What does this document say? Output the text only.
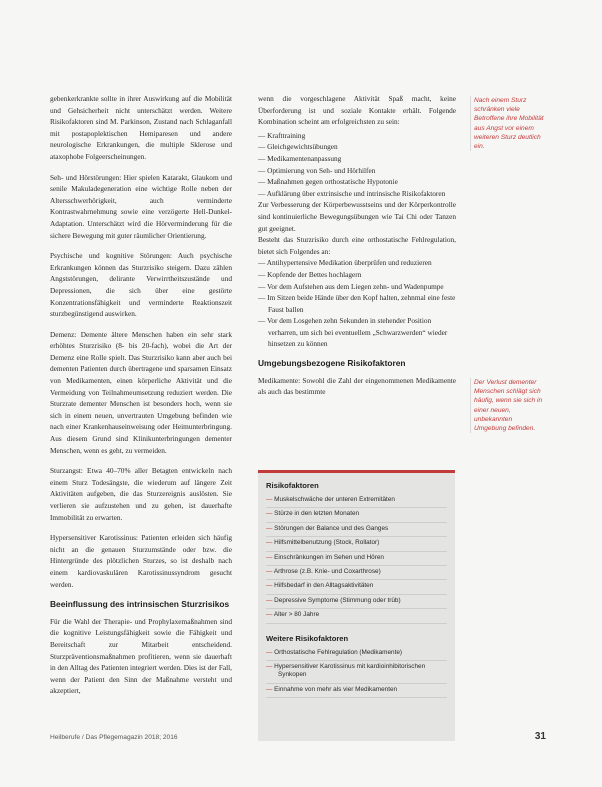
gebenkerkrankte sollte in ihrer Auswirkung auf die Mobilität und Gehsicherheit nicht unterschätzt werden. Weitere Risikofaktoren sind M. Parkinson, Zustand nach Schlaganfall mit postapoplektischen Hemiparesen und andere neurologische Erkrankungen, die multiple Sklerose und ataxophobe Folgeerscheinungen.

Seh- und Hörstörungen: Hier spielen Katarakt, Glaukom und senile Makuladegeneration eine wichtige Rolle neben der Altersschwerhörigkeit, auch verminderte Kontrastwahrnehmung sowie eine verzögerte Hell-Dunkel-Adaptation. Unterschätzt wird die Hörverminderung für die sichere Bewegung mit guter räumlicher Orientierung.

Psychische und kognitive Störungen: Auch psychische Erkrankungen können das Sturzrisiko steigern. Dazu zählen Angststörungen, delirante Verwirrtheitszustände und Depressionen, die sich über eine gestörte Konzentrationsfähigkeit und verminderte Reaktionszeit sturzbegünstigend auswirken.

Demenz: Demente ältere Menschen haben ein sehr stark erhöhtes Sturzrisiko (8- bis 20-fach), wobei die Art der Demenz eine Rolle spielt. Das Sturzrisiko kann aber auch bei dementen Patienten durch übertragene und sparsamen Einsatz von Medikamenten, einen körperliche Aktivität und die Vermeidung von Teilnahmeumsetzung reduziert werden. Die Sturzrate dementer Menschen ist besonders hoch, wenn sie sich in einem neuen, unvertrauten Umgebung befinden wie nach einer Krankenhauseinweisung oder Heimunterbringung. Aus diesem Grund sind Klinikunterbringungen dementer Menschen, wenn es geht, zu vermeiden.

Sturzangst: Etwa 40–70% aller Betagten entwickeln nach einem Sturz Todesängste, die wiederum auf längere Zeit Aktivitäten aufgeben, die das Sturzereignis auslösten. Sie verlieren sie aufzustehen und zu gehen, ist dauerhafte Immobilität zu erwarten.

Hypersensitiver Karotissinus: Patienten erleiden sich häufig nicht an die genauen Sturzumstände oder bzw. die Hintergründe des plötzlichen Sturzes, so ist deshalb nach einem kardiovaskulären Karotissinussyndrom gesucht werden.

Beeinflussung des intrinsischen Sturzrisikos

Für die Wahl der Therapie- und Prophylaxemaßnahmen sind die kognitive Leistungsfähigkeit sowie die Fähigkeit und Bereitschaft zur Mitarbeit entscheidend. Sturzpräventionsmaßnahmen profitieren, wenn sie dauerhaft in den Alltag des Patienten integriert werden. Dies ist der Fall, wenn der Patient den Sinn der Maßnahme versteht und akzeptiert,

wenn die vorgeschlagene Aktivität Spaß macht, keine Überforderung ist und soziale Kontakte erhält. Folgende Kombination scheint am erfolgreichsten zu sein:

— Krafttraining
— Gleichgewichtsübungen
— Medikamentenanpassung
— Optimierung von Seh- und Hörhilfen
— Maßnahmen gegen orthostatische Hypotonie
— Aufklärung über extrinsische und intrinsische Risikofaktoren

Zur Verbesserung der Körperbewusstseins und der Körperkontrolle sind kontinuierliche Bewegungsübungen wie Tai Chi oder Tanzen gut geeignet.

Besteht das Sturzrisiko durch eine orthostatische Fehlregulation, bietet sich Folgendes an:

— Antihypertensive Medikation überprüfen und reduzieren
— Kopfende der Bettes hochlagern
— Vor dem Aufstehen aus dem Liegen zehn- und Wadenpumpe
— Im Sitzen beide Hände über den Kopf halten, zehnmal eine feste Faust ballen
— Vor dem Losgehen zehn Sekunden in stehender Position verharren, um sich bei eventuellem „Schwarzwerden“ wieder hinsetzen zu können
Umgebungsbezogene Risikofaktoren

Medikamente: Sowohl die Zahl der eingenommenen Medikamente als auch das bestimmte

Nach einem Sturz schränken viele Betroffene ihre Mobilität aus Angst vor einem weiteren Sturz deutlich ein.
Der Verlust dementer Menschen schlägt sich häufig, wenn sie sich in einer neuen, unbekannten Umgebung befinden.
Risikofaktoren
— Muskelschwäche der unteren Extremitäten
— Stürze in den letzten Monaten
— Störungen der Balance und des Ganges
— Hilfsmittelbenutzung (Stock, Rollator)
— Einschränkungen im Sehen und Hören
— Arthrose (z.B. Knie- und Coxarthrose)
— Hilfsbedarf in den Alltagsaktivitäten
— Depressive Symptome (Stimmung oder trüb)
— Alter > 80 Jahre
Weitere Risikofaktoren
— Orthostatische Fehlregulation (Medikamente)
— Hypersensitiver Karotissinus mit kardioinhibitorischen Synkopen
— Einnahme von mehr als vier Medikamenten
Heilberufe / Das Pflegemagazin 2018; 2016	31
